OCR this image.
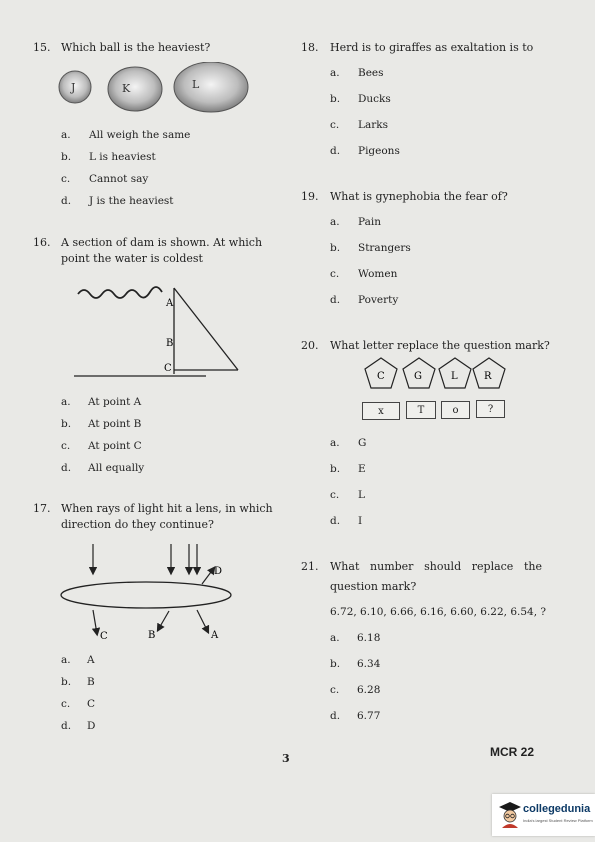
15. Which ball is the heaviest?
J	K	L
a. All weigh the same
b. L is heaviest
c. Cannot say
d. J is the heaviest
16. A section of dam is shown. At which
point the water is coldest
A
B
C
a. At point A
b. At point B
c. At point C
d. All equally
17. When rays of light hit a lens, in which
direction do they continue?
D
C	B	A
a. A
b. B
c. C
d. D
18. Herd is to giraffes as exaltation is to
a. Bees
b. Ducks
c. Larks
d. Pigeons
19. What is gynephobia the fear of?
a. Pain
b. Strangers
c. Women
d. Poverty
20. What letter replace the question mark?
C	G	L	R
x	T	o	?
a. G
b. E
c. L
d. I
21. What number should replace the
question mark?
6.72, 6.10, 6.66, 6.16, 6.60, 6.22, 6.54, ?
a. 6.18
b. 6.34
c. 6.28
d. 6.77
3	MCR 22
collegedunia
India's largest Student Review Platform
